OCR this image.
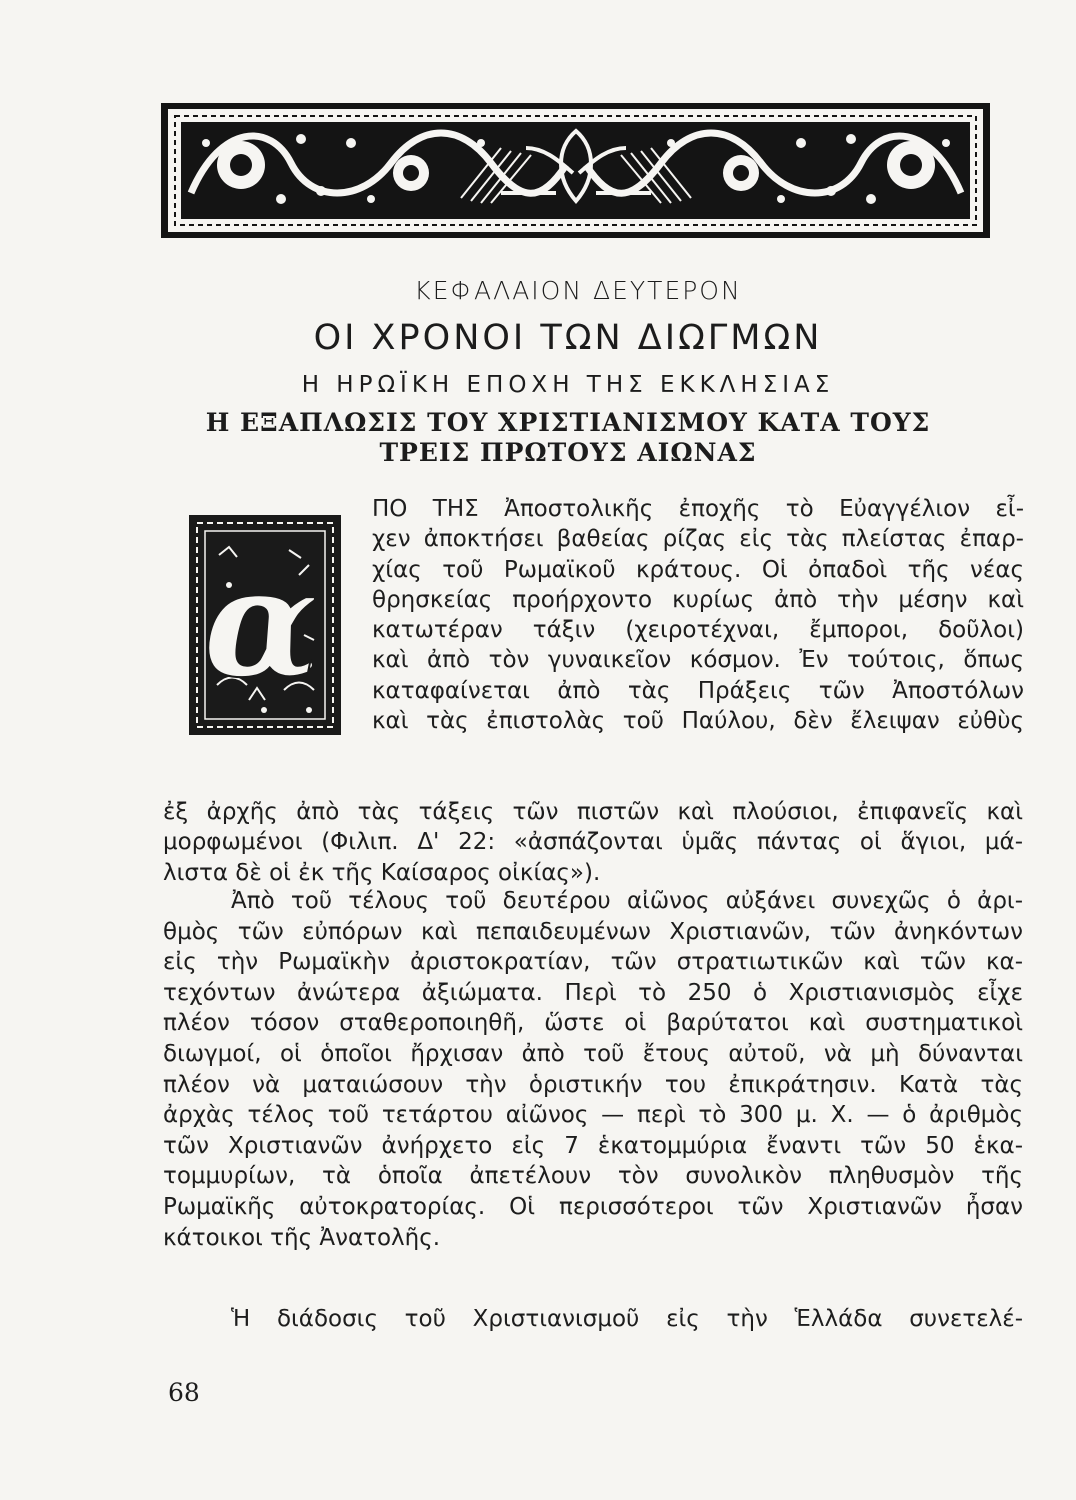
ΚΕΦΑΛΑΙΟΝ ΔΕΥΤΕΡΟΝ
ΟΙ ΧΡΟΝΟΙ ΤΩΝ ΔΙΩΓΜΩΝ
Η ΗΡΩΪΚΗ ΕΠΟΧΗ ΤΗΣ ΕΚΚΛΗΣΙΑΣ
Η ΕΞΑΠΛΩΣΙΣ ΤΟΥ ΧΡΙΣΤΙΑΝΙΣΜΟΥ ΚΑΤΑ ΤΟΥΣ
ΤΡΕΙΣ ΠΡΩΤΟΥΣ ΑΙΩΝΑΣ
α
ΠΟ ΤΗΣ Ἀποστολικῆς ἐποχῆς τὸ Εὐαγγέλιον εἶ-
χεν ἀποκτήσει βαθείας ρίζας εἰς τὰς πλείστας ἐπαρ-
χίας τοῦ Ρωμαϊκοῦ κράτους. Οἱ ὀπαδοὶ τῆς νέας
θρησκείας προήρχοντο κυρίως ἀπὸ τὴν μέσην καὶ
κατωτέραν τάξιν (χειροτέχναι, ἔμποροι, δοῦλοι)
καὶ ἀπὸ τὸν γυναικεῖον κόσμον. Ἐν τούτοις, ὅπως
καταφαίνεται ἀπὸ τὰς Πράξεις τῶν Ἀποστόλων
καὶ τὰς ἐπιστολὰς τοῦ Παύλου, δὲν ἔλειψαν εὐθὺς
ἐξ ἀρχῆς ἀπὸ τὰς τάξεις τῶν πιστῶν καὶ πλούσιοι, ἐπιφανεῖς καὶ
μορφωμένοι (Φιλιπ. Δ' 22: «ἀσπάζονται ὑμᾶς πάντας οἱ ἅγιοι, μά-
λιστα δὲ οἱ ἐκ τῆς Καίσαρος οἰκίας»).
Ἀπὸ τοῦ τέλους τοῦ δευτέρου αἰῶνος αὐξάνει συνεχῶς ὁ ἀρι-
θμὸς τῶν εὐπόρων καὶ πεπαιδευμένων Χριστιανῶν, τῶν ἀνηκόντων
εἰς τὴν Ρωμαϊκὴν ἀριστοκρατίαν, τῶν στρατιωτικῶν καὶ τῶν κα-
τεχόντων ἀνώτερα ἀξιώματα. Περὶ τὸ 250 ὁ Χριστιανισμὸς εἶχε
πλέον τόσον σταθεροποιηθῆ, ὥστε οἱ βαρύτατοι καὶ συστηματικοὶ
διωγμοί, οἱ ὁποῖοι ἤρχισαν ἀπὸ τοῦ ἔτους αὐτοῦ, νὰ μὴ δύνανται
πλέον νὰ ματαιώσουν τὴν ὁριστικήν του ἐπικράτησιν. Κατὰ τὰς
ἀρχὰς τέλος τοῦ τετάρτου αἰῶνος — περὶ τὸ 300 μ. Χ. — ὁ ἀριθμὸς
τῶν Χριστιανῶν ἀνήρχετο εἰς 7 ἑκατομμύρια ἔναντι τῶν 50 ἑκα-
τομμυρίων, τὰ ὁποῖα ἀπετέλουν τὸν συνολικὸν πληθυσμὸν τῆς
Ρωμαϊκῆς αὐτοκρατορίας. Οἱ περισσότεροι τῶν Χριστιανῶν ἦσαν
κάτοικοι τῆς Ἀνατολῆς.
Ἡ διάδοσις τοῦ Χριστιανισμοῦ εἰς τὴν Ἑλλάδα συνετελέ-
68
